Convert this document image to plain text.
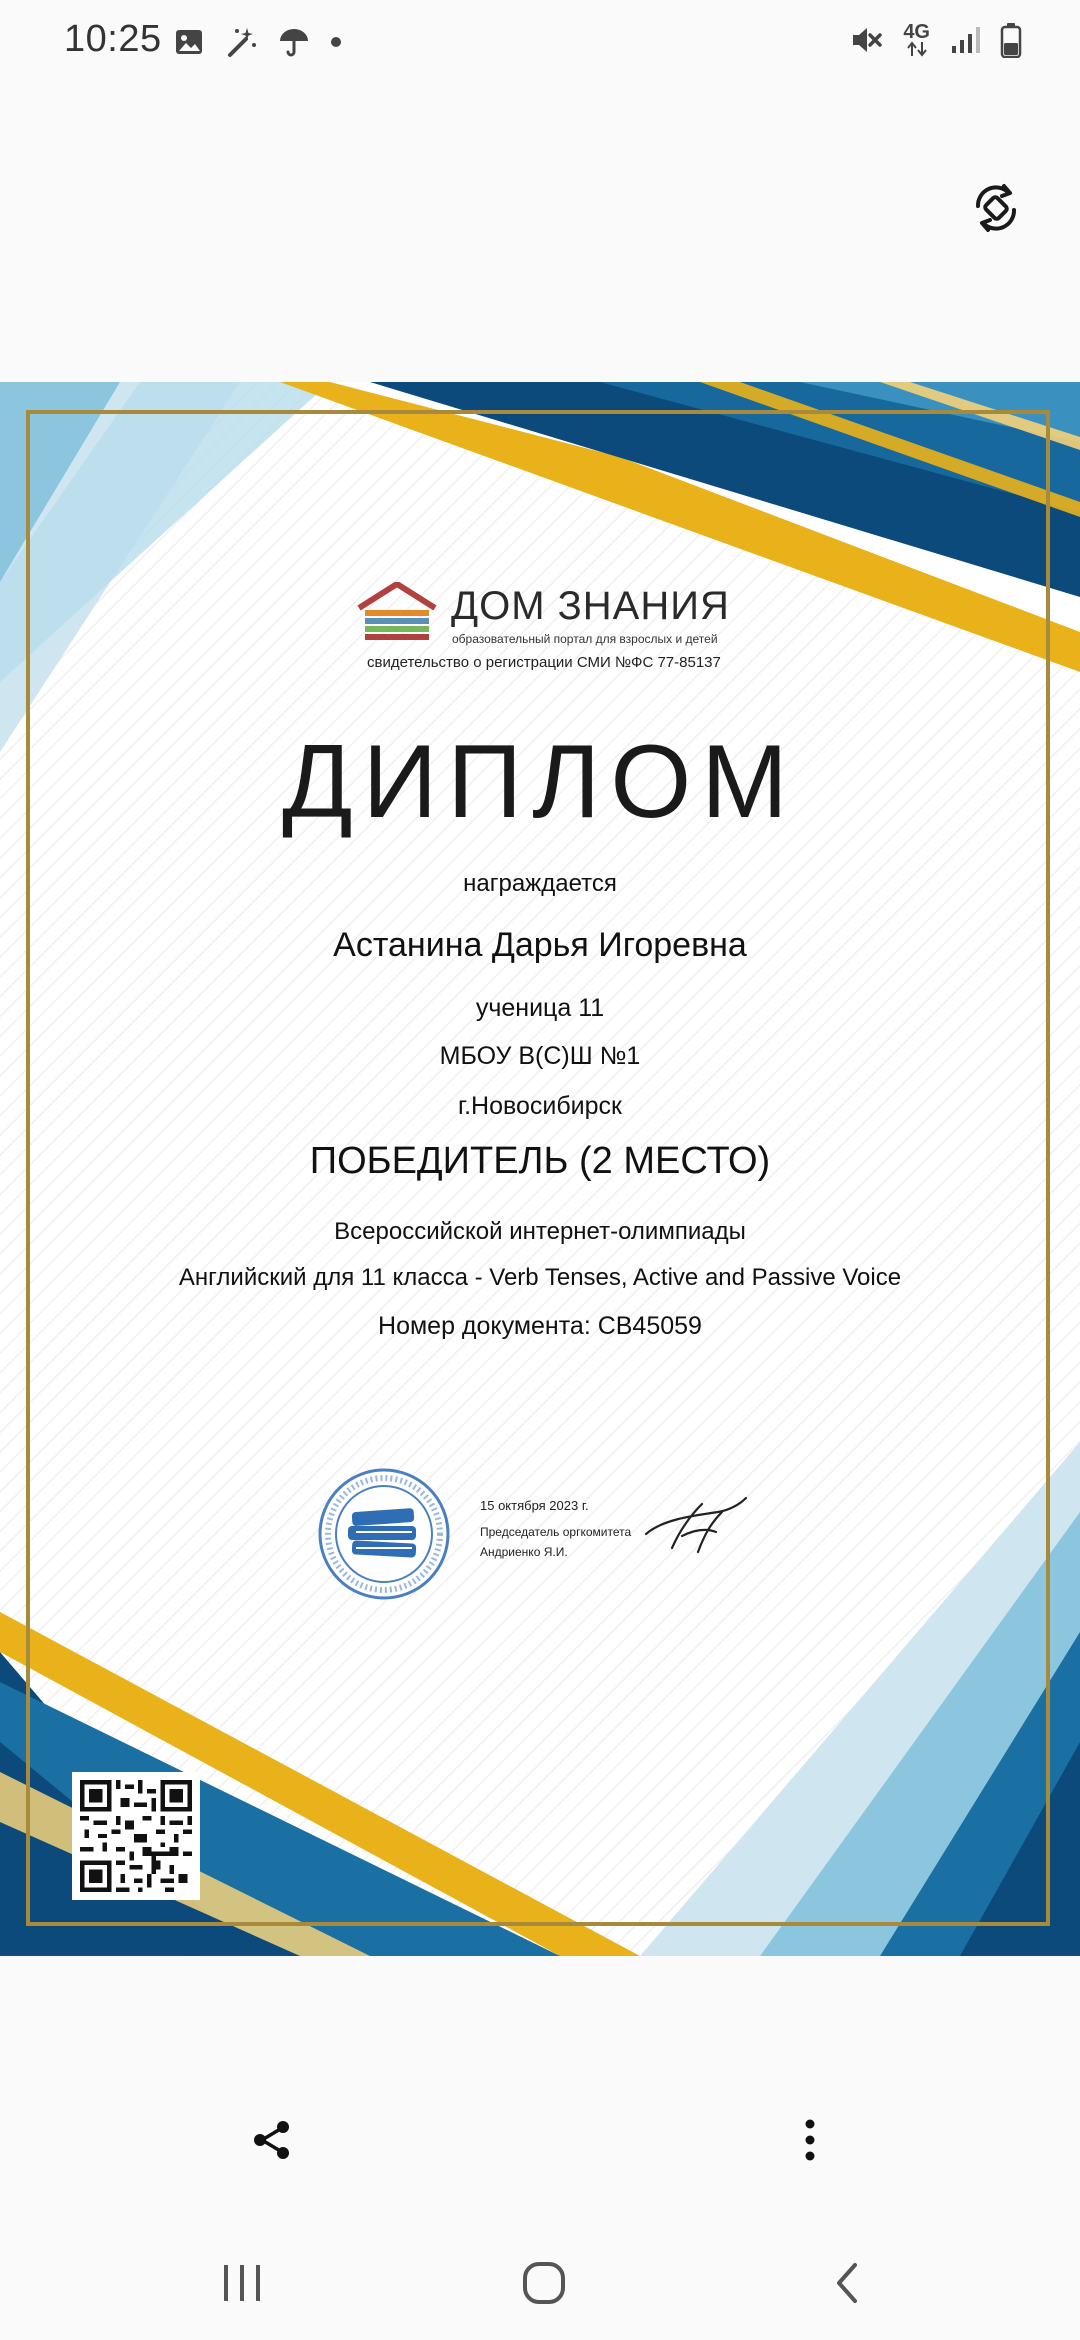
10:25	4G
ДОМ ЗНАНИЯ
образовательный портал для взрослых и детей
свидетельство о регистрации СМИ №ФС 77-85137
ДИПЛОМ
награждается
Астанина Дарья Игоревна
ученица 11
МБОУ В(С)Ш №1
г.Новосибирск
ПОБЕДИТЕЛЬ (2 МЕСТО)
Всероссийской интернет-олимпиады
Английский для 11 класса - Verb Tenses, Active and Passive Voice
Номер документа: СВ45059
15 октября 2023 г.
Председатель оргкомитета
Андриенко Я.И.
